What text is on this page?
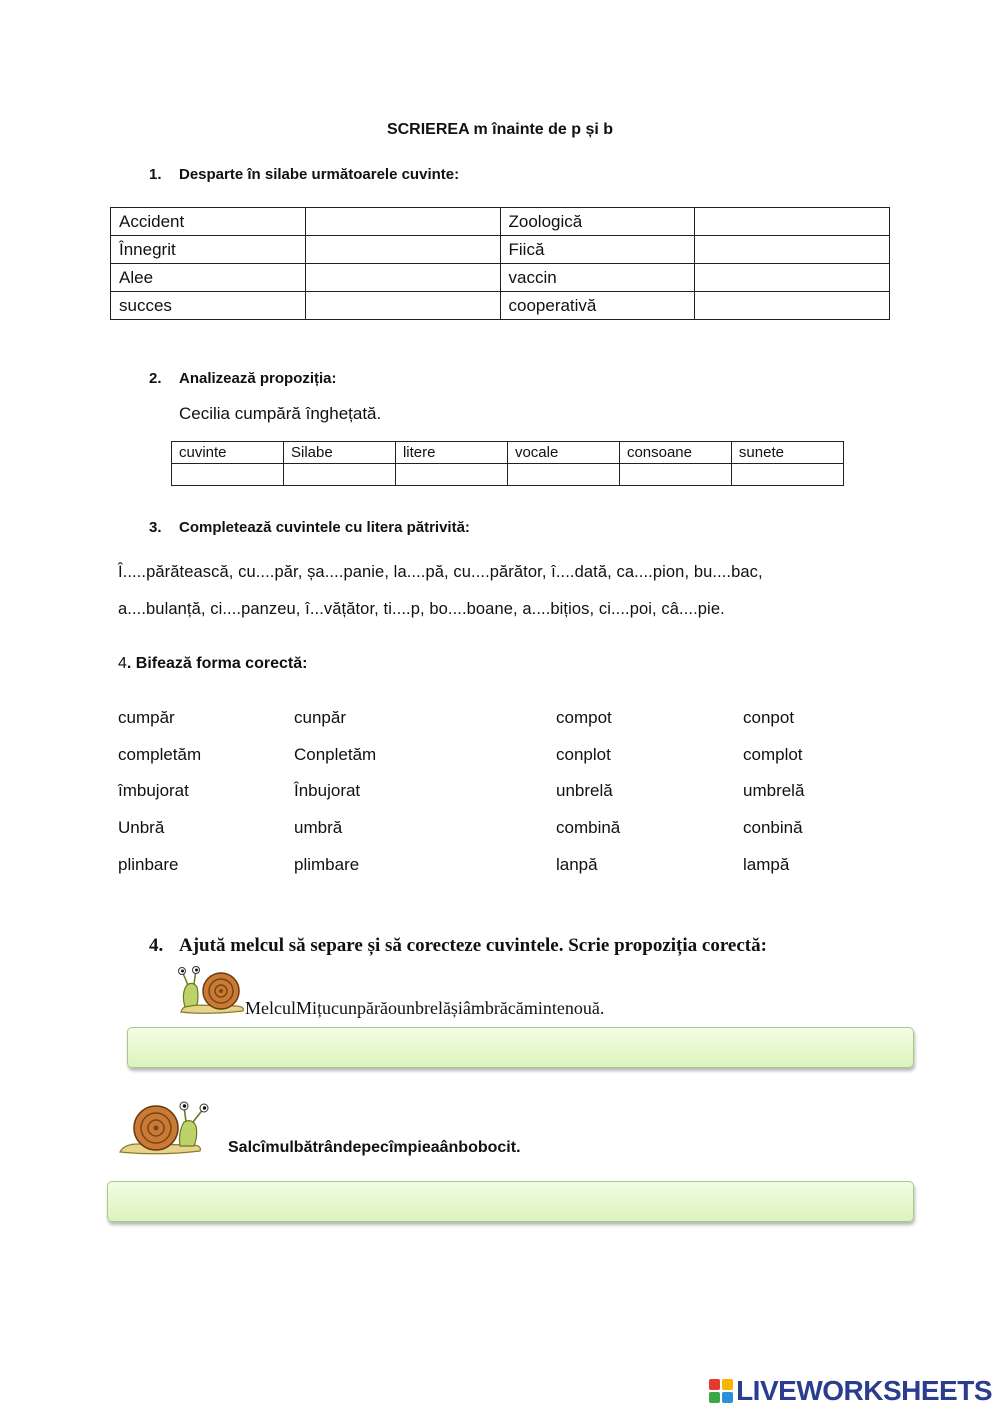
SCRIEREA m înainte de p și b
1. Desparte în silabe următoarele cuvinte:
Accident		Zoologică	
Înnegrit		Fiică	
Alee		vaccin	
succes		cooperativă	
2. Analizează propoziția:
Cecilia cumpără înghețată.
cuvinte	Silabe	litere	vocale	consoane	sunete

3. Completează cuvintele cu litera pătrivită:
Î.....părătească, cu....păr, șa....panie, la....pă, cu....părător, î....dată, ca....pion, bu....bac,
a....bulanță, ci....panzeu, î...vățător, ti....p, bo....boane, a....bițios, ci....poi, câ....pie.
4. Bifează forma corectă:
cumpăr	cunpăr	compot	conpot
completăm	Conpletăm	conplot	complot
îmbujorat	Înbujorat	unbrelă	umbrelă
Unbră	umbră	combină	conbină
plinbare	plimbare	lanpă	lampă
4. Ajută melcul să separe și să corecteze cuvintele. Scrie propoziția corectă:
MelculMițucunpărăounbrelășiâmbrăcămintenouă.
Salcîmulbătrândepecîmpieaânbobocit.
LIVEWORKSHEETS
